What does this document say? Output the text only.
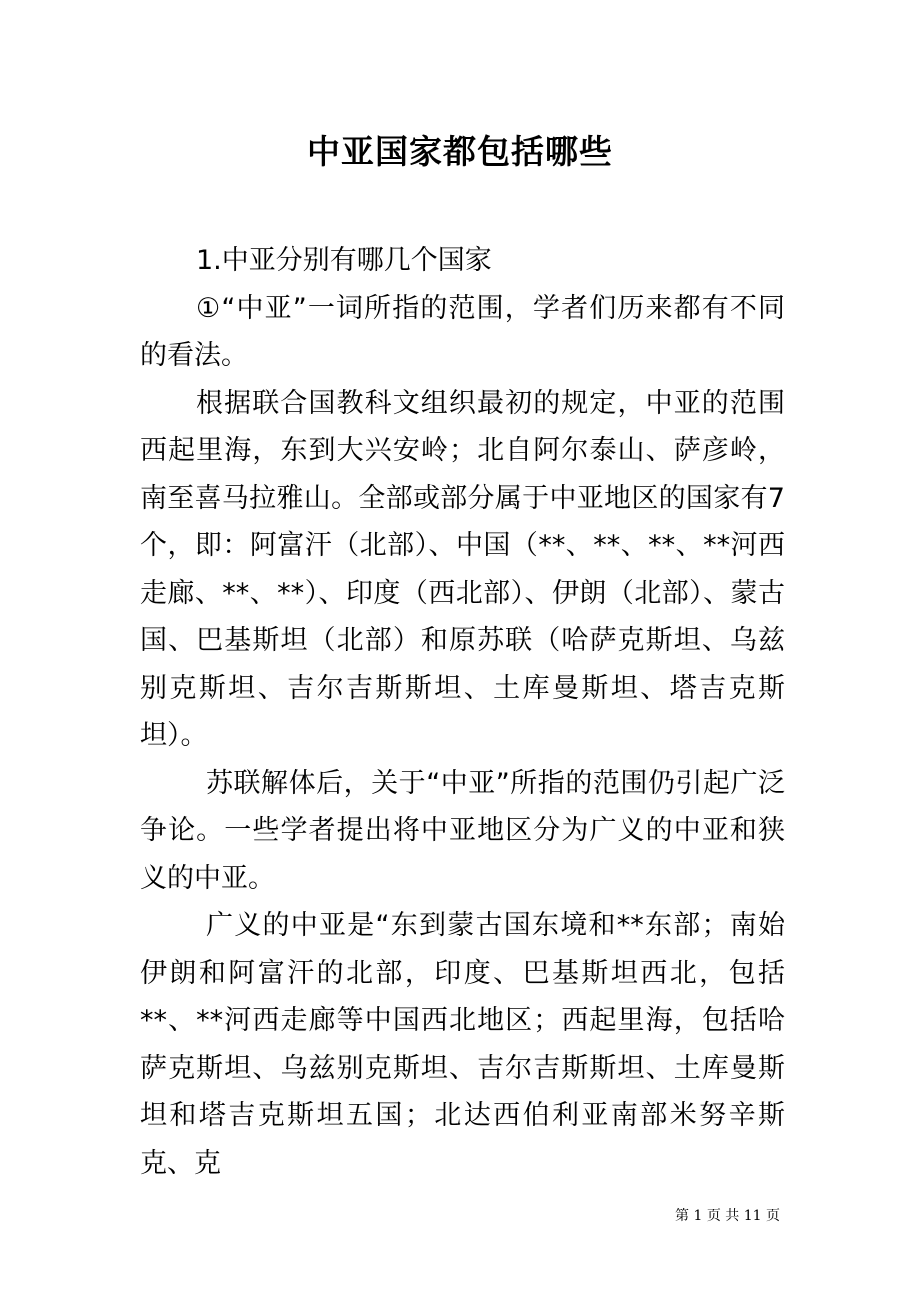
中亚国家都包括哪些

1.中亚分别有哪几个国家

①“中亚”一词所指的范围，学者们历来都有不同的看法。

根据联合国教科文组织最初的规定，中亚的范围西起里海，东到大兴安岭；北自阿尔泰山、萨彦岭，南至喜马拉雅山。全部或部分属于中亚地区的国家有7个，即：阿富汗（北部）、中国（**、**、**、**河西走廊、**、**）、印度（西北部）、伊朗（北部）、蒙古国、巴基斯坦（北部）和原苏联（哈萨克斯坦、乌兹别克斯坦、吉尔吉斯斯坦、土库曼斯坦、塔吉克斯坦）。

苏联解体后，关于“中亚”所指的范围仍引起广泛争论。一些学者提出将中亚地区分为广义的中亚和狭义的中亚。

广义的中亚是“东到蒙古国东境和**东部；南始伊朗和阿富汗的北部，印度、巴基斯坦西北，包括**、**河西走廊等中国西北地区；西起里海，包括哈萨克斯坦、乌兹别克斯坦、吉尔吉斯斯坦、土库曼斯坦和塔吉克斯坦五国；北达西伯利亚南部米努辛斯克、克

第 1 页 共 11 页
